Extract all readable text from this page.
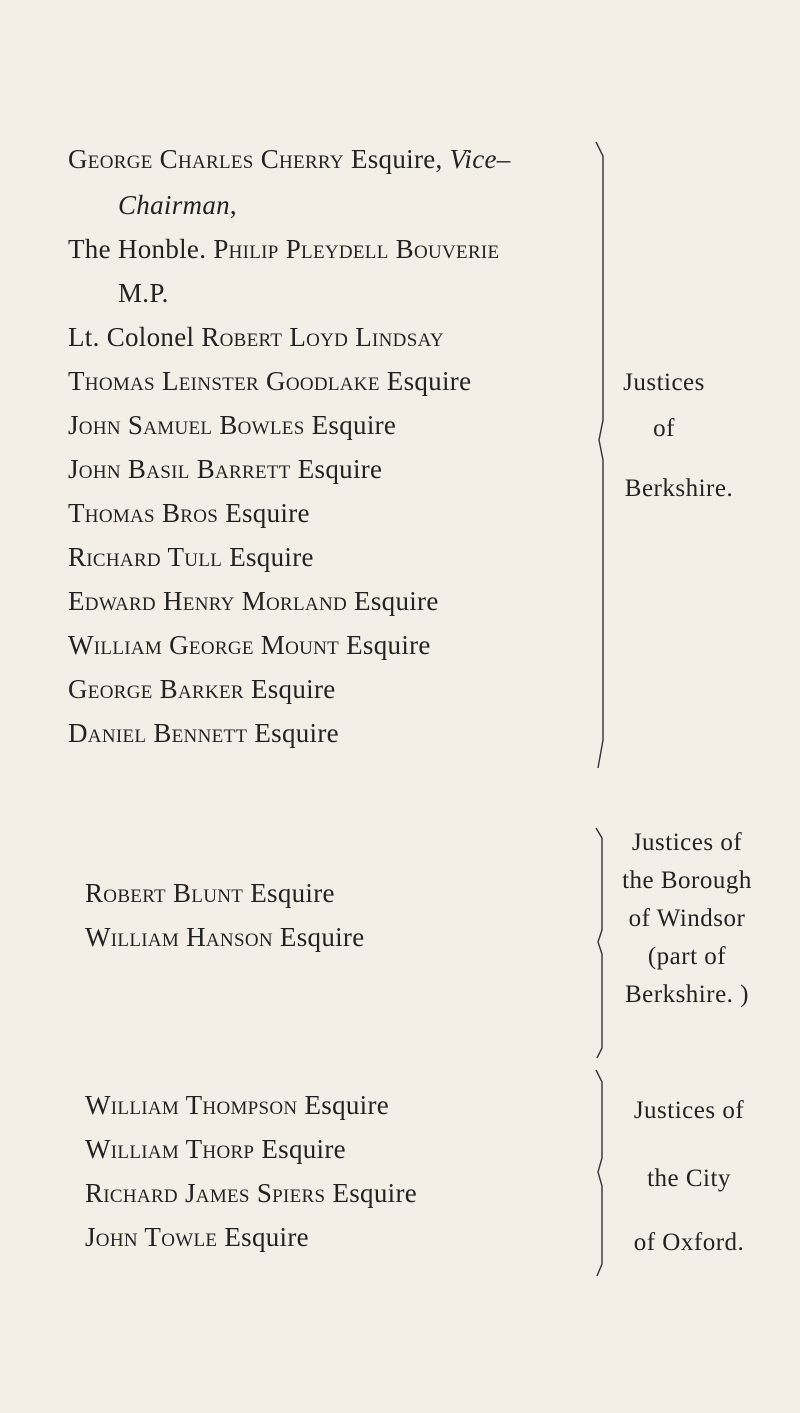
George Charles Cherry Esquire, Vice–
Chairman,
The Honble. Philip Pleydell Bouverie
M.P.
Lt. Colonel Robert Loyd Lindsay
Thomas Leinster Goodlake Esquire
John Samuel Bowles Esquire
John Basil Barrett Esquire
Thomas Bros Esquire
Richard Tull Esquire
Edward Henry Morland Esquire
William George Mount Esquire
George Barker Esquire
Daniel Bennett Esquire
Justices
of
Berkshire.
Robert Blunt Esquire
William Hanson Esquire
Justices of
the Borough
of Windsor
(part of
Berkshire. )
William Thompson Esquire
William Thorp Esquire
Richard James Spiers Esquire
John Towle Esquire
Justices of
the City
of Oxford.
